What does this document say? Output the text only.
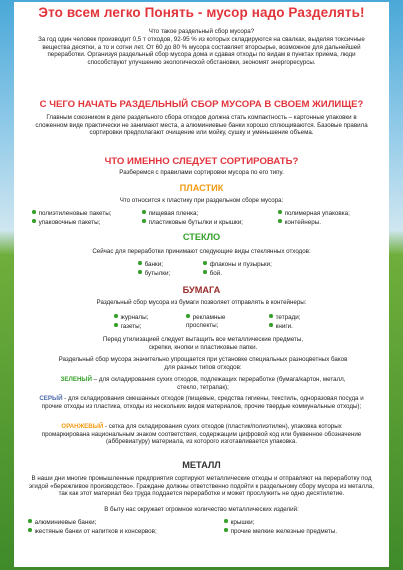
Это всем легко Понять - мусор надо Разделять!
Что такое раздельный сбор мусора?
За год один человек производит 0,5 т отходов, 92-95 % из которых складируются на свалках, выделяя токсичные вещества десятки, а то и сотни лет. От 60 до 80 % мусора составляет вторсырье, возможное для дальнейшей переработки. Организуя раздельный сбор мусора дома и сдавая отходы по видам в пунктах приема, люди способствуют улучшению экологической обстановки, экономят энергоресурсы.
С ЧЕГО НАЧАТЬ РАЗДЕЛЬНЫЙ СБОР МУСОРА В СВОЕМ ЖИЛИЩЕ?
Главным союзником в деле раздельного сбора отходов должна стать компактность – картонные упаковки в сложенном виде практически не занимают места, а алюминиевые банки хорошо сплющиваются. Базовые правила сортировки предполагают очищение или мойку, сушку и уменьшение объема.
ЧТО ИМЕННО СЛЕДУЕТ СОРТИРОВАТЬ?
Разберемся с правилами сортировки мусора по его типу.
ПЛАСТИК
Что относится к пластику при раздельном сборе мусора:
полиэтиленовые пакеты;
упаковочные пакеты;
пищевая пленка;
пластиковые бутылки и крышки;
полимерная упаковка;
контейнеры.
СТЕКЛО
Сейчас для переработки принимают следующие виды стеклянных отходов:
банки;
бутылки;
флаконы и пузырьки;
бой.
БУМАГА
Раздельный сбор мусора из бумаги позволяет отправлять в контейнеры:
журналы;
газеты;
рекламные проспекты;
тетради;
книги.
Перед утилизацией следует вытащить все металлические предметы, скрепки, кнопки и пластиковые папки.
Раздельный сбор мусора значительно упрощается при установке специальных разноцветных баков для разных типов отходов:
ЗЕЛЕНЫЙ – для складирования сухих отходов, подлежащих переработке (бумага/картон, металл, стекло, тетрапак);
СЕРЫЙ - для складирования смешанных отходов (пищевые, средства гигиены, текстиль, одноразовая посуда и прочие отходы из пластика, отходы из нескольких видов материалов, прочие твердые коммунальные отходы);
ОРАНЖЕВЫЙ - сетка для складирования сухих отходов (пластик/полиэтилен), упаковка которых промаркирована национальным знаком соответствия, содержащим цифровой код или буквенное обозначение (аббревиатуру) материала, из которого изготавливается упаковка.
МЕТАЛЛ
В наши дни многие промышленные предприятия сортируют металлические отходы и отправляют на переработку под эгидой «бережливое производство». Граждане должны ответственно подойти к раздельному сбору мусора из металла, так как этот материал без труда поддается переработке и может прослужить не одно десятилетие.
В быту нас окружает огромное количество металлических изделий:
алюминиевые банки;
жестяные банки от напитков и консервов;
крышки;
прочие мелкие железные предметы.
